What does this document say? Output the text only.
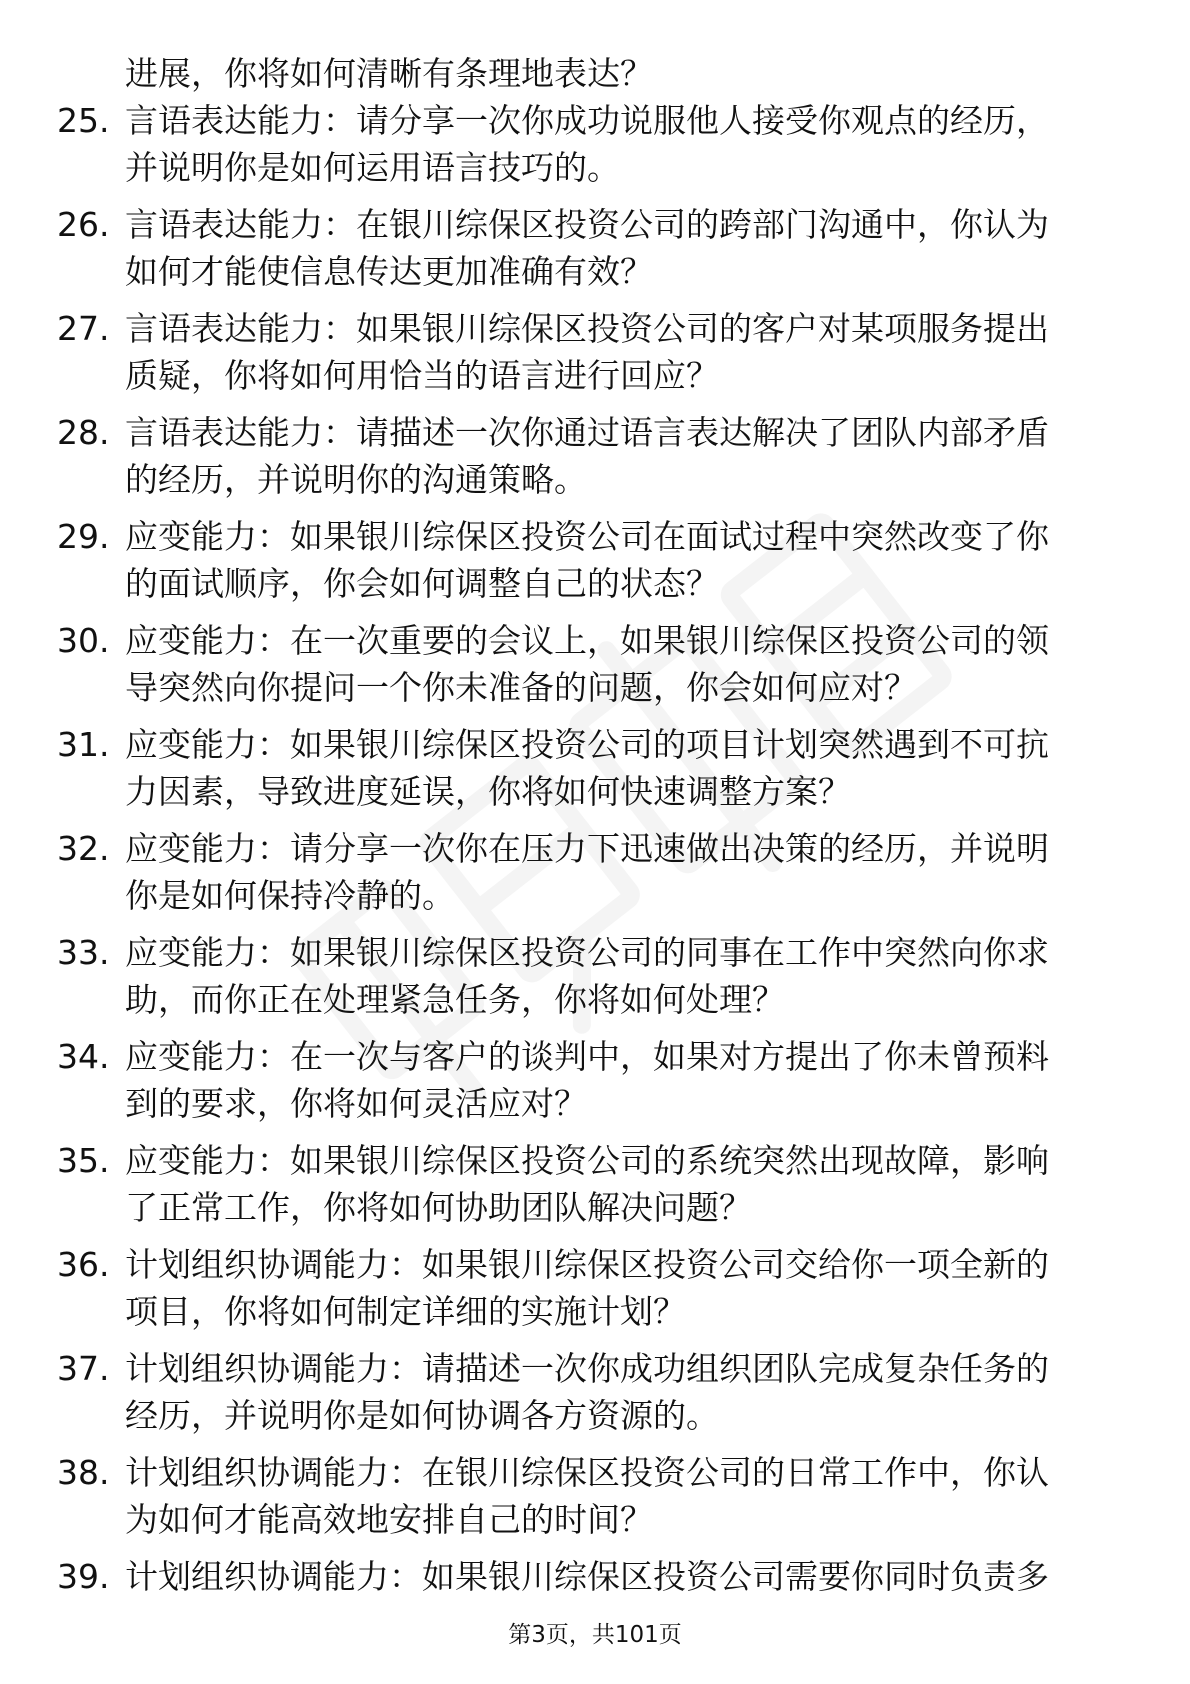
进展，你将如何清晰有条理地表达？
25. 言语表达能力：请分享一次你成功说服他人接受你观点的经历，
并说明你是如何运用语言技巧的。
26. 言语表达能力：在银川综保区投资公司的跨部门沟通中，你认为
如何才能使信息传达更加准确有效？
27. 言语表达能力：如果银川综保区投资公司的客户对某项服务提出
质疑，你将如何用恰当的语言进行回应？
28. 言语表达能力：请描述一次你通过语言表达解决了团队内部矛盾
的经历，并说明你的沟通策略。
29. 应变能力：如果银川综保区投资公司在面试过程中突然改变了你
的面试顺序，你会如何调整自己的状态？
30. 应变能力：在一次重要的会议上，如果银川综保区投资公司的领
导突然向你提问一个你未准备的问题，你会如何应对？
31. 应变能力：如果银川综保区投资公司的项目计划突然遇到不可抗
力因素，导致进度延误，你将如何快速调整方案？
32. 应变能力：请分享一次你在压力下迅速做出决策的经历，并说明
你是如何保持冷静的。
33. 应变能力：如果银川综保区投资公司的同事在工作中突然向你求
助，而你正在处理紧急任务，你将如何处理？
34. 应变能力：在一次与客户的谈判中，如果对方提出了你未曾预料
到的要求，你将如何灵活应对？
35. 应变能力：如果银川综保区投资公司的系统突然出现故障，影响
了正常工作，你将如何协助团队解决问题？
36. 计划组织协调能力：如果银川综保区投资公司交给你一项全新的
项目，你将如何制定详细的实施计划？
37. 计划组织协调能力：请描述一次你成功组织团队完成复杂任务的
经历，并说明你是如何协调各方资源的。
38. 计划组织协调能力：在银川综保区投资公司的日常工作中，你认
为如何才能高效地安排自己的时间？
39. 计划组织协调能力：如果银川综保区投资公司需要你同时负责多
第3页，共101页
